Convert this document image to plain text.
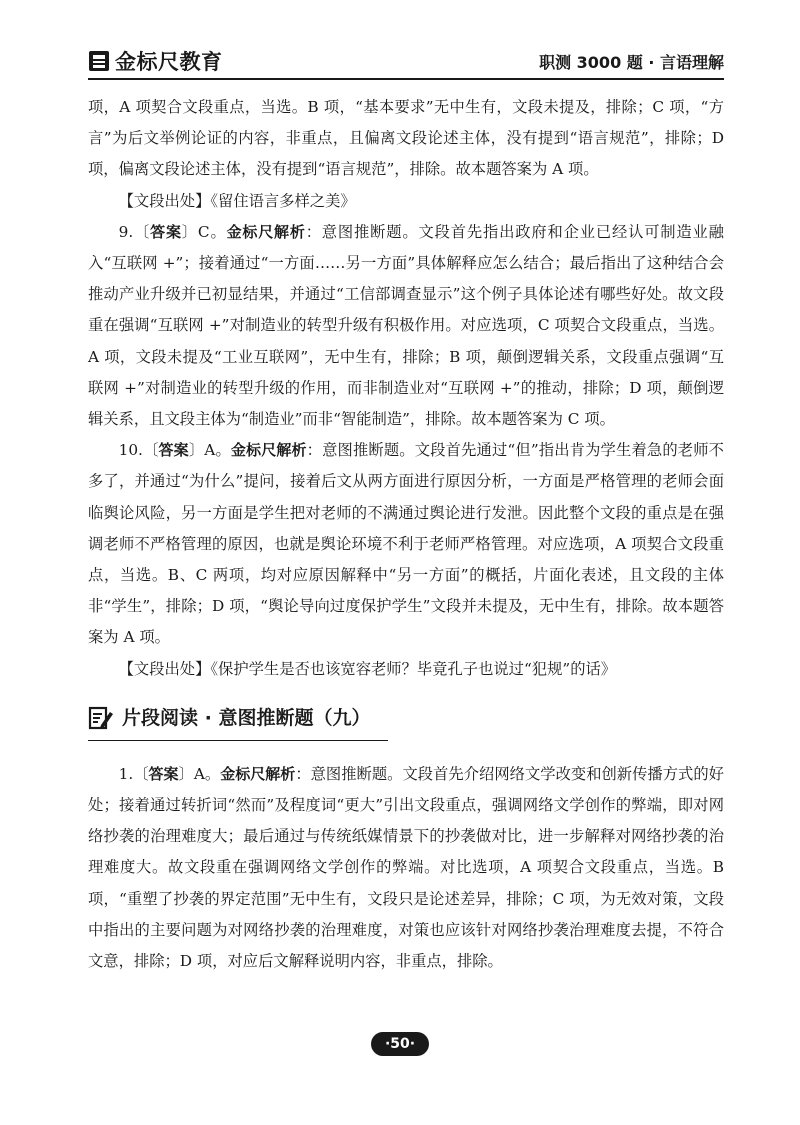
金标尺教育	职测 3000 题 · 言语理解

项，A 项契合文段重点，当选。B 项，“基本要求”无中生有，文段未提及，排除；C 项，“方言”为后文举例论证的内容，非重点，且偏离文段论述主体，没有提到“语言规范”，排除；D 项，偏离文段论述主体，没有提到“语言规范”，排除。故本题答案为 A 项。

【文段出处】《留住语言多样之美》

9.〔答案〕C。金标尺解析：意图推断题。文段首先指出政府和企业已经认可制造业融入“互联网 +”；接着通过“一方面……另一方面”具体解释应怎么结合；最后指出了这种结合会推动产业升级并已初显结果，并通过“工信部调查显示”这个例子具体论述有哪些好处。故文段重在强调“互联网 +”对制造业的转型升级有积极作用。对应选项，C 项契合文段重点，当选。A 项，文段未提及“工业互联网”，无中生有，排除；B 项，颠倒逻辑关系，文段重点强调“互联网 +”对制造业的转型升级的作用，而非制造业对“互联网 +”的推动，排除；D 项，颠倒逻辑关系，且文段主体为“制造业”而非“智能制造”，排除。故本题答案为 C 项。

10.〔答案〕A。金标尺解析：意图推断题。文段首先通过“但”指出肯为学生着急的老师不多了，并通过“为什么”提问，接着后文从两方面进行原因分析，一方面是严格管理的老师会面临舆论风险，另一方面是学生把对老师的不满通过舆论进行发泄。因此整个文段的重点是在强调老师不严格管理的原因，也就是舆论环境不利于老师严格管理。对应选项，A 项契合文段重点，当选。B、C 两项，均对应原因解释中“另一方面”的概括，片面化表述，且文段的主体非“学生”，排除；D 项，“舆论导向过度保护学生”文段并未提及，无中生有，排除。故本题答案为 A 项。

【文段出处】《保护学生是否也该宽容老师？毕竟孔子也说过“犯规”的话》

片段阅读 · 意图推断题（九）

1.〔答案〕A。金标尺解析：意图推断题。文段首先介绍网络文学改变和创新传播方式的好处；接着通过转折词“然而”及程度词“更大”引出文段重点，强调网络文学创作的弊端，即对网络抄袭的治理难度大；最后通过与传统纸媒情景下的抄袭做对比，进一步解释对网络抄袭的治理难度大。故文段重在强调网络文学创作的弊端。对比选项，A 项契合文段重点，当选。B 项，“重塑了抄袭的界定范围”无中生有，文段只是论述差异，排除；C 项，为无效对策，文段中指出的主要问题为对网络抄袭的治理难度，对策也应该针对网络抄袭治理难度去提，不符合文意，排除；D 项，对应后文解释说明内容，非重点，排除。

·50·
